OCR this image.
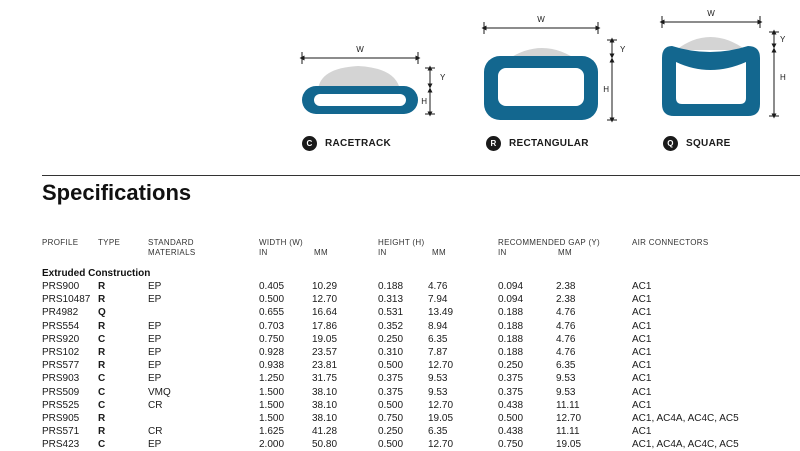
W
Y
H
W
Y
H
W
Y
H
C	RACETRACK	R	RECTANGULAR	Q	SQUARE
Specifications
PROFILE TYPE	STANDARD
MATERIALS
WIDTH (W)
IN	MM
HEIGHT (H)
IN	MM
RECOMMENDED GAP (Y)
IN	MM
AIR CONNECTORS
Extruded Construction
PRS900 R	EP	0.405	10.29	0.188 4.76	0.094	2.38	AC1
PRS10487 R	EP	0.500	12.70	0.313 7.94	0.094	2.38	AC1
PR4982 Q	0.655	16.64	0.531 13.49	0.188	4.76	AC1
PRS554 R	EP	0.703	17.86	0.352 8.94	0.188	4.76	AC1
PRS920 C	EP	0.750	19.05	0.250 6.35	0.188	4.76	AC1
PRS102 R	EP	0.928	23.57	0.310 7.87	0.188	4.76	AC1
PRS577 R	EP	0.938	23.81	0.500 12.70	0.250	6.35	AC1
PRS903 C	EP	1.250	31.75	0.375 9.53	0.375	9.53	AC1
PRS509 C	VMQ	1.500	38.10	0.375 9.53	0.375	9.53	AC1
PRS525 C	CR	1.500	38.10	0.500 12.70	0.438	11.11	AC1
PRS905 R	1.500	38.10	0.750 19.05	0.500	12.70	AC1, AC4A, AC4C, AC5
PRS571 R	CR	1.625	41.28	0.250 6.35	0.438	11.11	AC1
PRS423 C	EP	2.000	50.80	0.500 12.70	0.750	19.05	AC1, AC4A, AC4C, AC5
